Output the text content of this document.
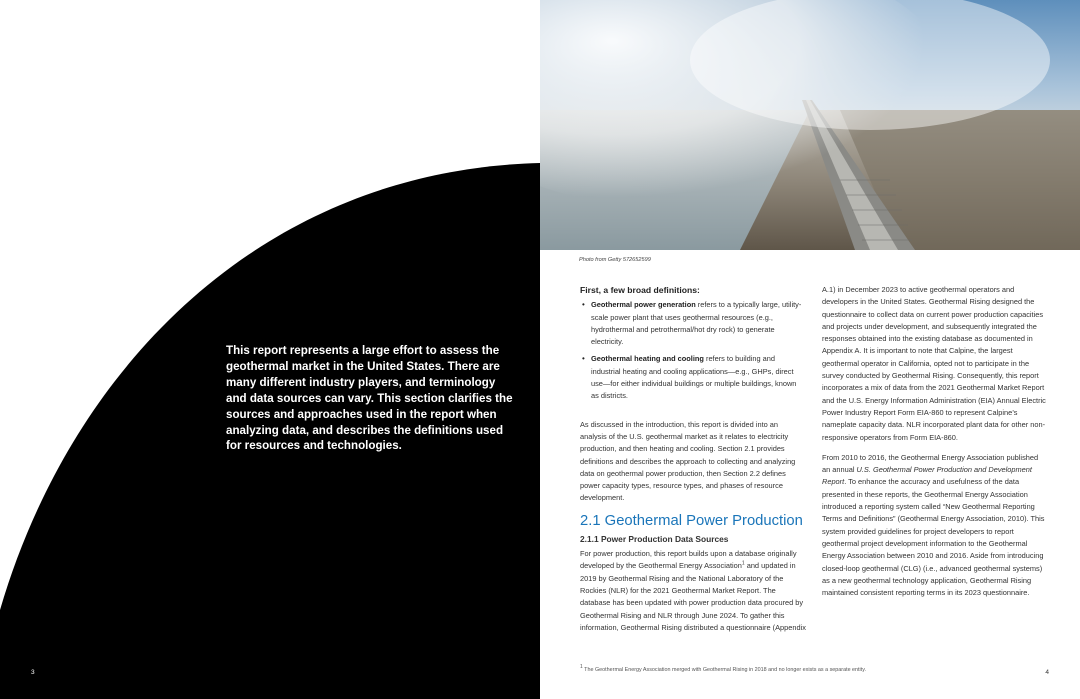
This report represents a large effort to assess the geothermal market in the United States. There are many different industry players, and terminology and data sources can vary. This section clarifies the sources and approaches used in the report when analyzing data, and describes the definitions used for resources and technologies.
3
Photo from Getty 572652599

First, a few broad definitions:

• Geothermal power generation refers to a typically large, utility-scale power plant that uses geothermal resources (e.g., hydrothermal and petrothermal/hot dry rock) to generate electricity.
• Geothermal heating and cooling refers to building and industrial heating and cooling applications—e.g., GHPs, direct use—for either individual buildings or multiple buildings, known as districts.

As discussed in the introduction, this report is divided into an analysis of the U.S. geothermal market as it relates to electricity production, and then heating and cooling. Section 2.1 provides definitions and describes the approach to collecting and analyzing data on geothermal power production, then Section 2.2 defines power capacity types, resource types, and phases of resource development.

2.1 Geothermal Power Production

2.1.1 Power Production Data Sources

For power production, this report builds upon a database originally developed by the Geothermal Energy Association$^1$ and updated in 2019 by Geothermal Rising and the National Laboratory of the Rockies (NLR) for the 2021 Geothermal Market Report. The database has been updated with power production data procured by Geothermal Rising and NLR through June 2024. To gather this information, Geothermal Rising distributed a questionnaire (Appendix

A.1) in December 2023 to active geothermal operators and developers in the United States. Geothermal Rising designed the questionnaire to collect data on current power production capacities and projects under development, and subsequently integrated the responses obtained into the existing database as documented in Appendix A. It is important to note that Calpine, the largest geothermal operator in California, opted not to participate in the survey conducted by Geothermal Rising. Consequently, this report incorporates a mix of data from the 2021 Geothermal Market Report and the U.S. Energy Information Administration (EIA) Annual Electric Power Industry Report Form EIA-860 to represent Calpine’s nameplate capacity data. NLR incorporated plant data for other non-responsive operators from Form EIA-860.

From 2010 to 2016, the Geothermal Energy Association published an annual U.S. Geothermal Power Production and Development Report. To enhance the accuracy and usefulness of the data presented in these reports, the Geothermal Energy Association introduced a reporting system called “New Geothermal Reporting Terms and Definitions” (Geothermal Energy Association, 2010). This system provided guidelines for project developers to report geothermal project development information to the Geothermal Energy Association between 2010 and 2016. Aside from introducing closed-loop geothermal (CLG) (i.e., advanced geothermal systems) as a new geothermal technology application, Geothermal Rising maintained consistent reporting terms in its 2023 questionnaire.

$^1$ The Geothermal Energy Association merged with Geothermal Rising in 2018 and no longer exists as a separate entity.	4
